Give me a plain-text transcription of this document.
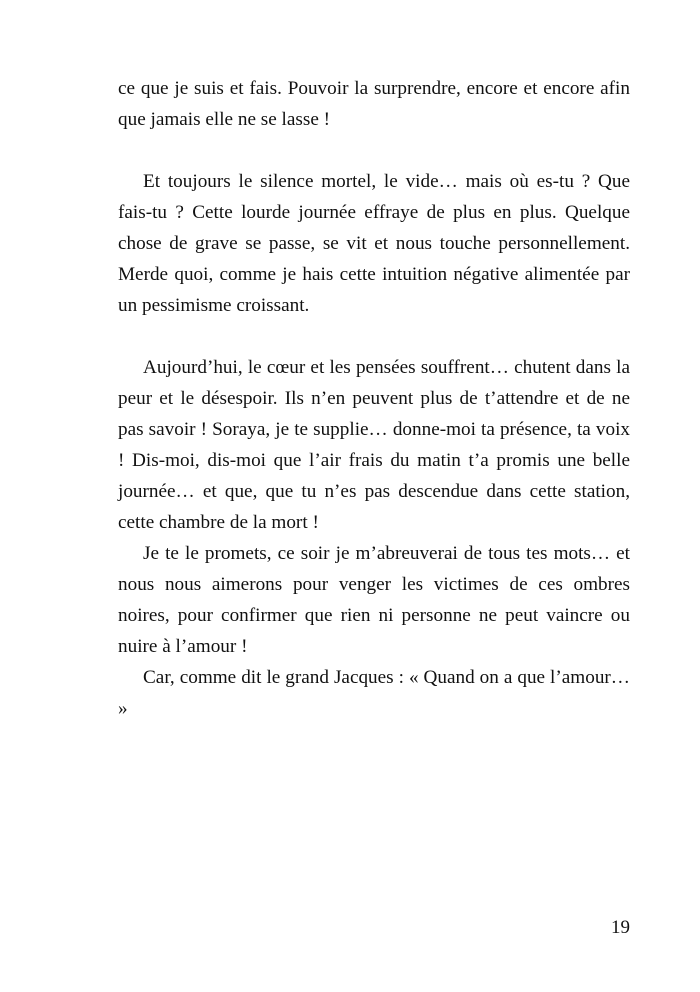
ce que je suis et fais. Pouvoir la surprendre, encore et encore afin que jamais elle ne se lasse !

Et toujours le silence mortel, le vide… mais où es-tu ? Que fais-tu ? Cette lourde journée effraye de plus en plus. Quelque chose de grave se passe, se vit et nous touche personnellement. Merde quoi, comme je hais cette intuition négative alimentée par un pessimisme croissant.

Aujourd’hui, le cœur et les pensées souffrent… chutent dans la peur et le désespoir. Ils n’en peuvent plus de t’attendre et de ne pas savoir ! Soraya, je te supplie… donne-moi ta présence, ta voix ! Dis-moi, dis-moi que l’air frais du matin t’a promis une belle journée… et que, que tu n’es pas descendue dans cette station, cette chambre de la mort !

Je te le promets, ce soir je m’abreuverai de tous tes mots… et nous nous aimerons pour venger les victimes de ces ombres noires, pour confirmer que rien ni personne ne peut vaincre ou nuire à l’amour !

Car, comme dit le grand Jacques : « Quand on a que l’amour… »

19
